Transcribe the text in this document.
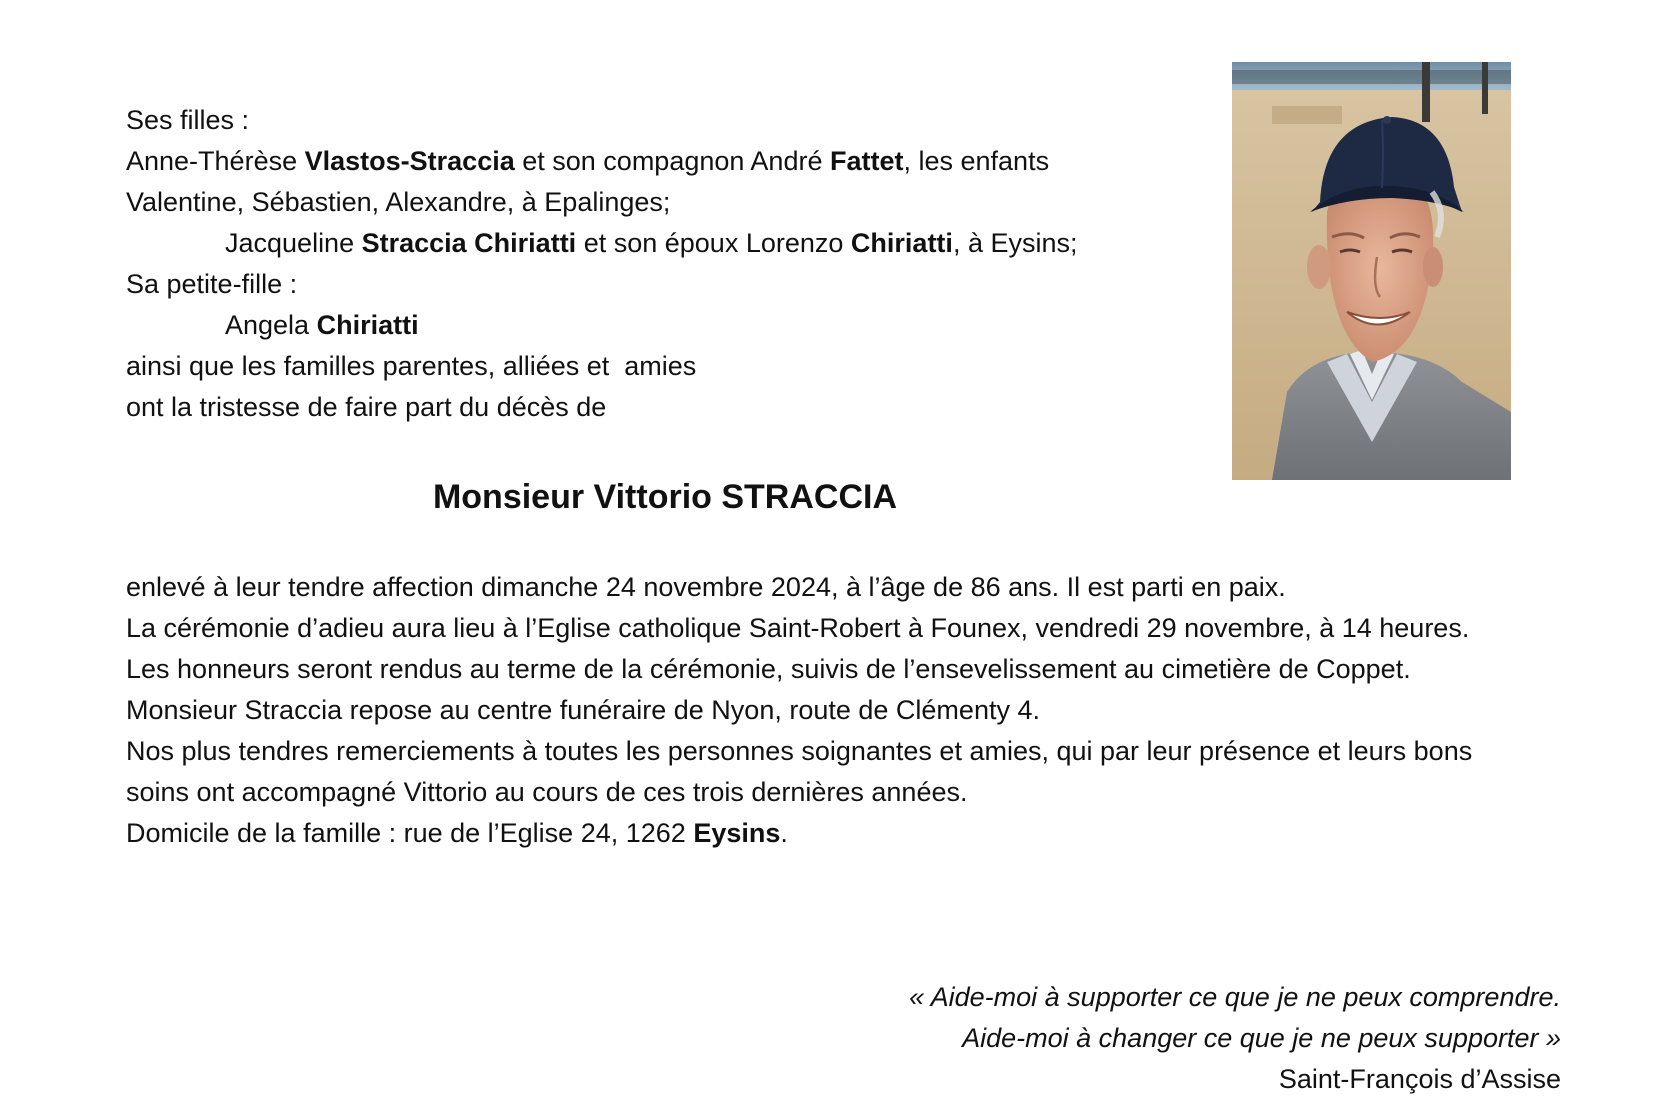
Ses filles :
Anne-Thérèse Vlastos-Straccia et son compagnon André Fattet, les enfants
Valentine, Sébastien, Alexandre, à Epalinges;
Jacqueline Straccia Chiriatti et son époux Lorenzo Chiriatti, à Eysins;
Sa petite-fille :
Angela Chiriatti
ainsi que les familles parentes, alliées et  amies
ont la tristesse de faire part du décès de
Monsieur Vittorio STRACCIA

enlevé à leur tendre affection dimanche 24 novembre 2024, à l’âge de 86 ans. Il est parti en paix.

La cérémonie d’adieu aura lieu à l’Eglise catholique Saint-Robert à Founex, vendredi 29 novembre, à 14 heures.

Les honneurs seront rendus au terme de la cérémonie, suivis de l’ensevelissement au cimetière de Coppet.

Monsieur Straccia repose au centre funéraire de Nyon, route de Clémenty 4.

Nos plus tendres remerciements à toutes les personnes soignantes et amies, qui par leur présence et leurs bons soins ont accompagné Vittorio au cours de ces trois dernières années.

Domicile de la famille : rue de l’Eglise 24, 1262 Eysins.

« Aide-moi à supporter ce que je ne peux comprendre.
Aide-moi à changer ce que je ne peux supporter »
Saint-François d’Assise
